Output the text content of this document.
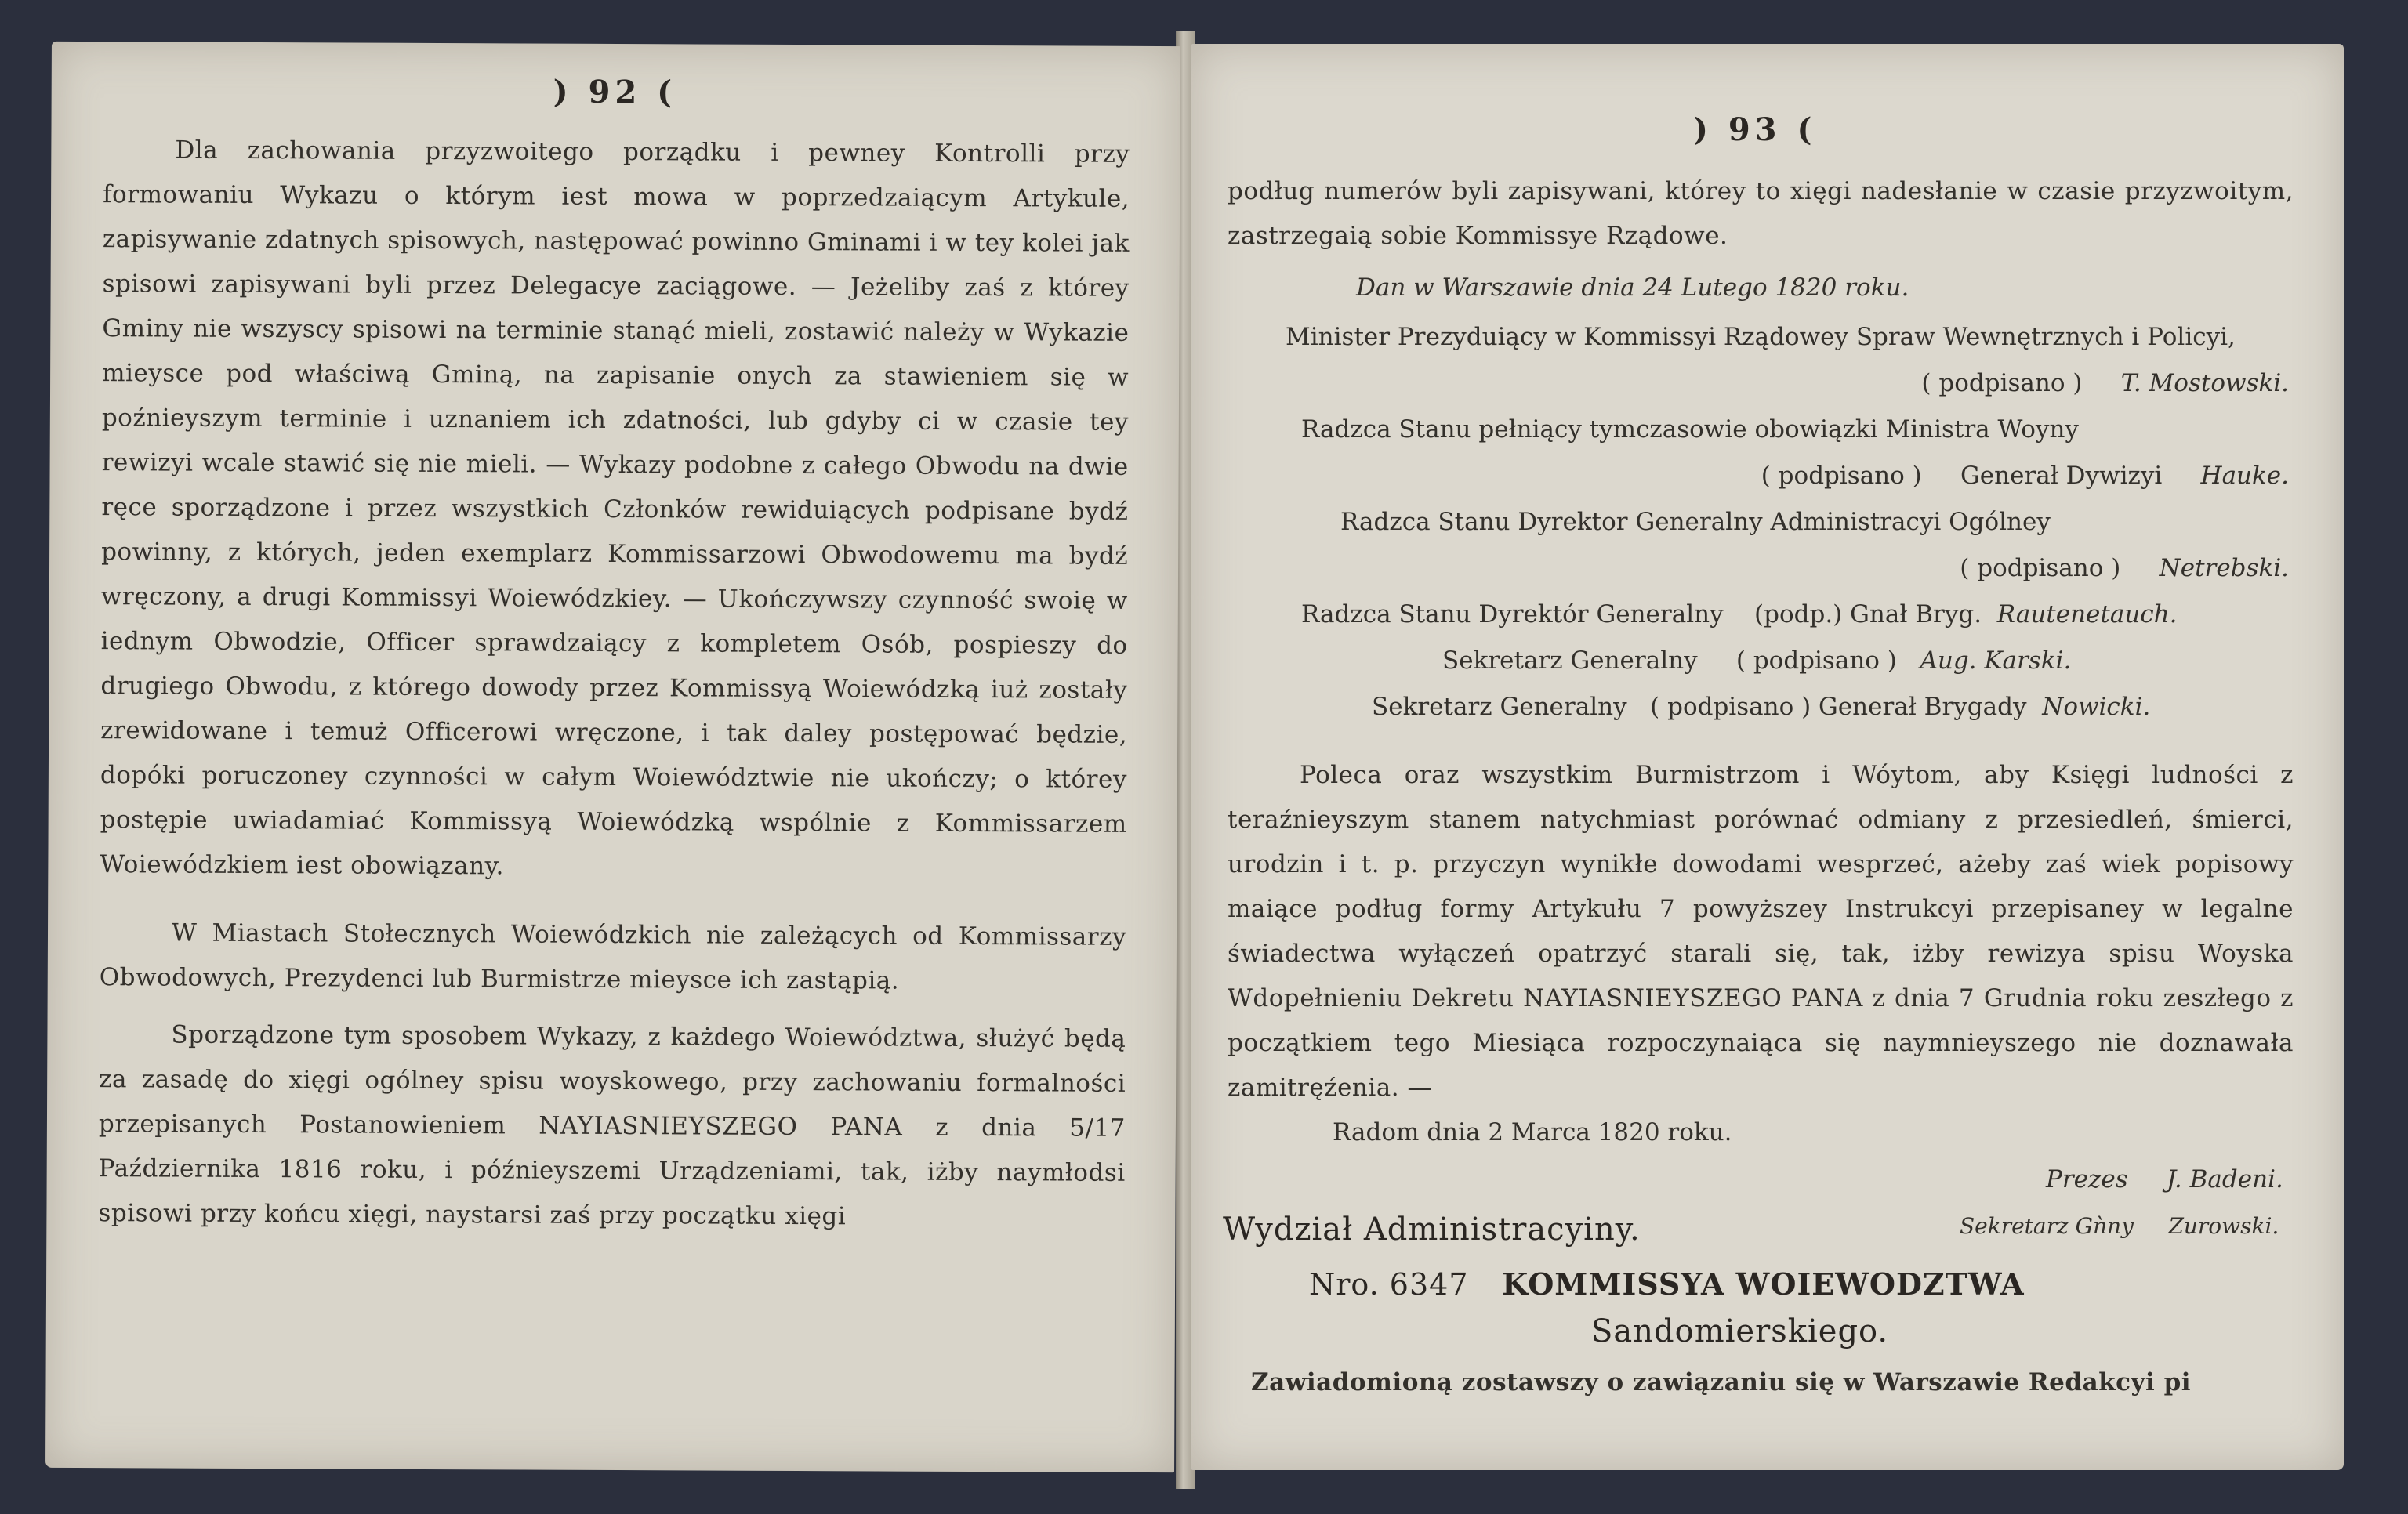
) 92 (

Dla zachowania przyzwoitego porządku i pewney Kontrolli przy formowaniu Wykazu o którym iest mowa w poprzedzaiącym Artykule, zapisywanie zdatnych spisowych, następować powinno Gminami i w tey kolei jak spisowi zapisywani byli przez Delegacye zaciągowe. — Jeżeliby zaś z którey Gminy nie wszyscy spisowi na terminie stanąć mieli, zostawić należy w Wykazie mieysce pod właściwą Gminą, na zapisanie onych za stawieniem się w poźnieyszym terminie i uznaniem ich zdatności, lub gdyby ci w czasie tey rewizyi wcale stawić się nie mieli. — Wykazy podobne z całego Obwodu na dwie ręce sporządzone i przez wszystkich Członków rewiduiących podpisane bydź powinny, z których, jeden exemplarz Kommissarzowi Obwodowemu ma bydź wręczony, a drugi Kommissyi Woiewódzkiey. — Ukończywszy czynność swoię w iednym Obwodzie, Officer sprawdzaiący z kompletem Osób, pospieszy do drugiego Obwodu, z którego dowody przez Kommissyą Woiewódzką iuż zostały zrewidowane i temuż Officerowi wręczone, i tak daley postępować będzie, dopóki poruczoney czynności w całym Woiewództwie nie ukończy; o którey postępie uwiadamiać Kommissyą Woiewódzką wspólnie z Kommissarzem Woiewódzkiem iest obowiązany.

W Miastach Stołecznych Woiewódzkich nie zależących od Kommissarzy Obwodowych, Prezydenci lub Burmistrze mieysce ich zastąpią.

Sporządzone tym sposobem Wykazy, z każdego Woiewództwa, służyć będą za zasadę do xięgi ogólney spisu woyskowego, przy zachowaniu formalności przepisanych Postanowieniem NAYIASNIEYSZEGO PANA z dnia 5/17 Października 1816 roku, i późnieyszemi Urządzeniami, tak, iżby naymłodsi spisowi przy końcu xięgi, naystarsi zaś przy początku xięgi

) 93 (
podług numerów byli zapisywani, którey to xięgi nadesłanie w czasie przyzwoitym, zastrzegaią sobie Kommissye Rządowe.
Dan w Warszawie dnia 24 Lutego 1820 roku.
Minister Prezyduiący w Kommissyi Rządowey Spraw Wewnętrznych i Policyi,
( podpisano ) T. Mostowski.
Radzca Stanu pełniący tymczasowie obowiązki Ministra Woyny
( podpisano ) Generał Dywizyi Hauke.
Radzca Stanu Dyrektor Generalny Administracyi Ogólney
( podpisano ) Netrebski.
Radzca Stanu Dyrektór Generalny (podp.) Gnał Bryg. Rautenetauch.
Sekretarz Generalny ( podpisano ) Aug. Karski.
Sekretarz Generalny ( podpisano ) Generał Brygady Nowicki.
Poleca oraz wszystkim Burmistrzom i Wóytom, aby Księgi ludności z teraźnieyszym stanem natychmiast porównać odmiany z przesiedleń, śmierci, urodzin i t. p. przyczyn wynikłe dowodami wesprzeć, ażeby zaś wiek popisowy maiące podług formy Artykułu 7 powyższey Instrukcyi przepisaney w legalne świadectwa wyłączeń opatrzyć starali się, tak, iżby rewizya spisu Woyska Wdopełnieniu Dekretu NAYIASNIEYSZEGO PANA z dnia 7 Grudnia roku zeszłego z początkiem tego Miesiąca rozpoczynaiąca się naymnieyszego nie doznawała zamitręźenia. —
Radom dnia 2 Marca 1820 roku.
Prezes J. Badeni.
Sekretarz Gǹny Zurowski.
Wydział Administracyiny.
Nro. 6347 KOMMISSYA WOIEWODZTWA
Sandomierskiego.
Zawiadomioną zostawszy o zawiązaniu się w Warszawie Redakcyi pi
